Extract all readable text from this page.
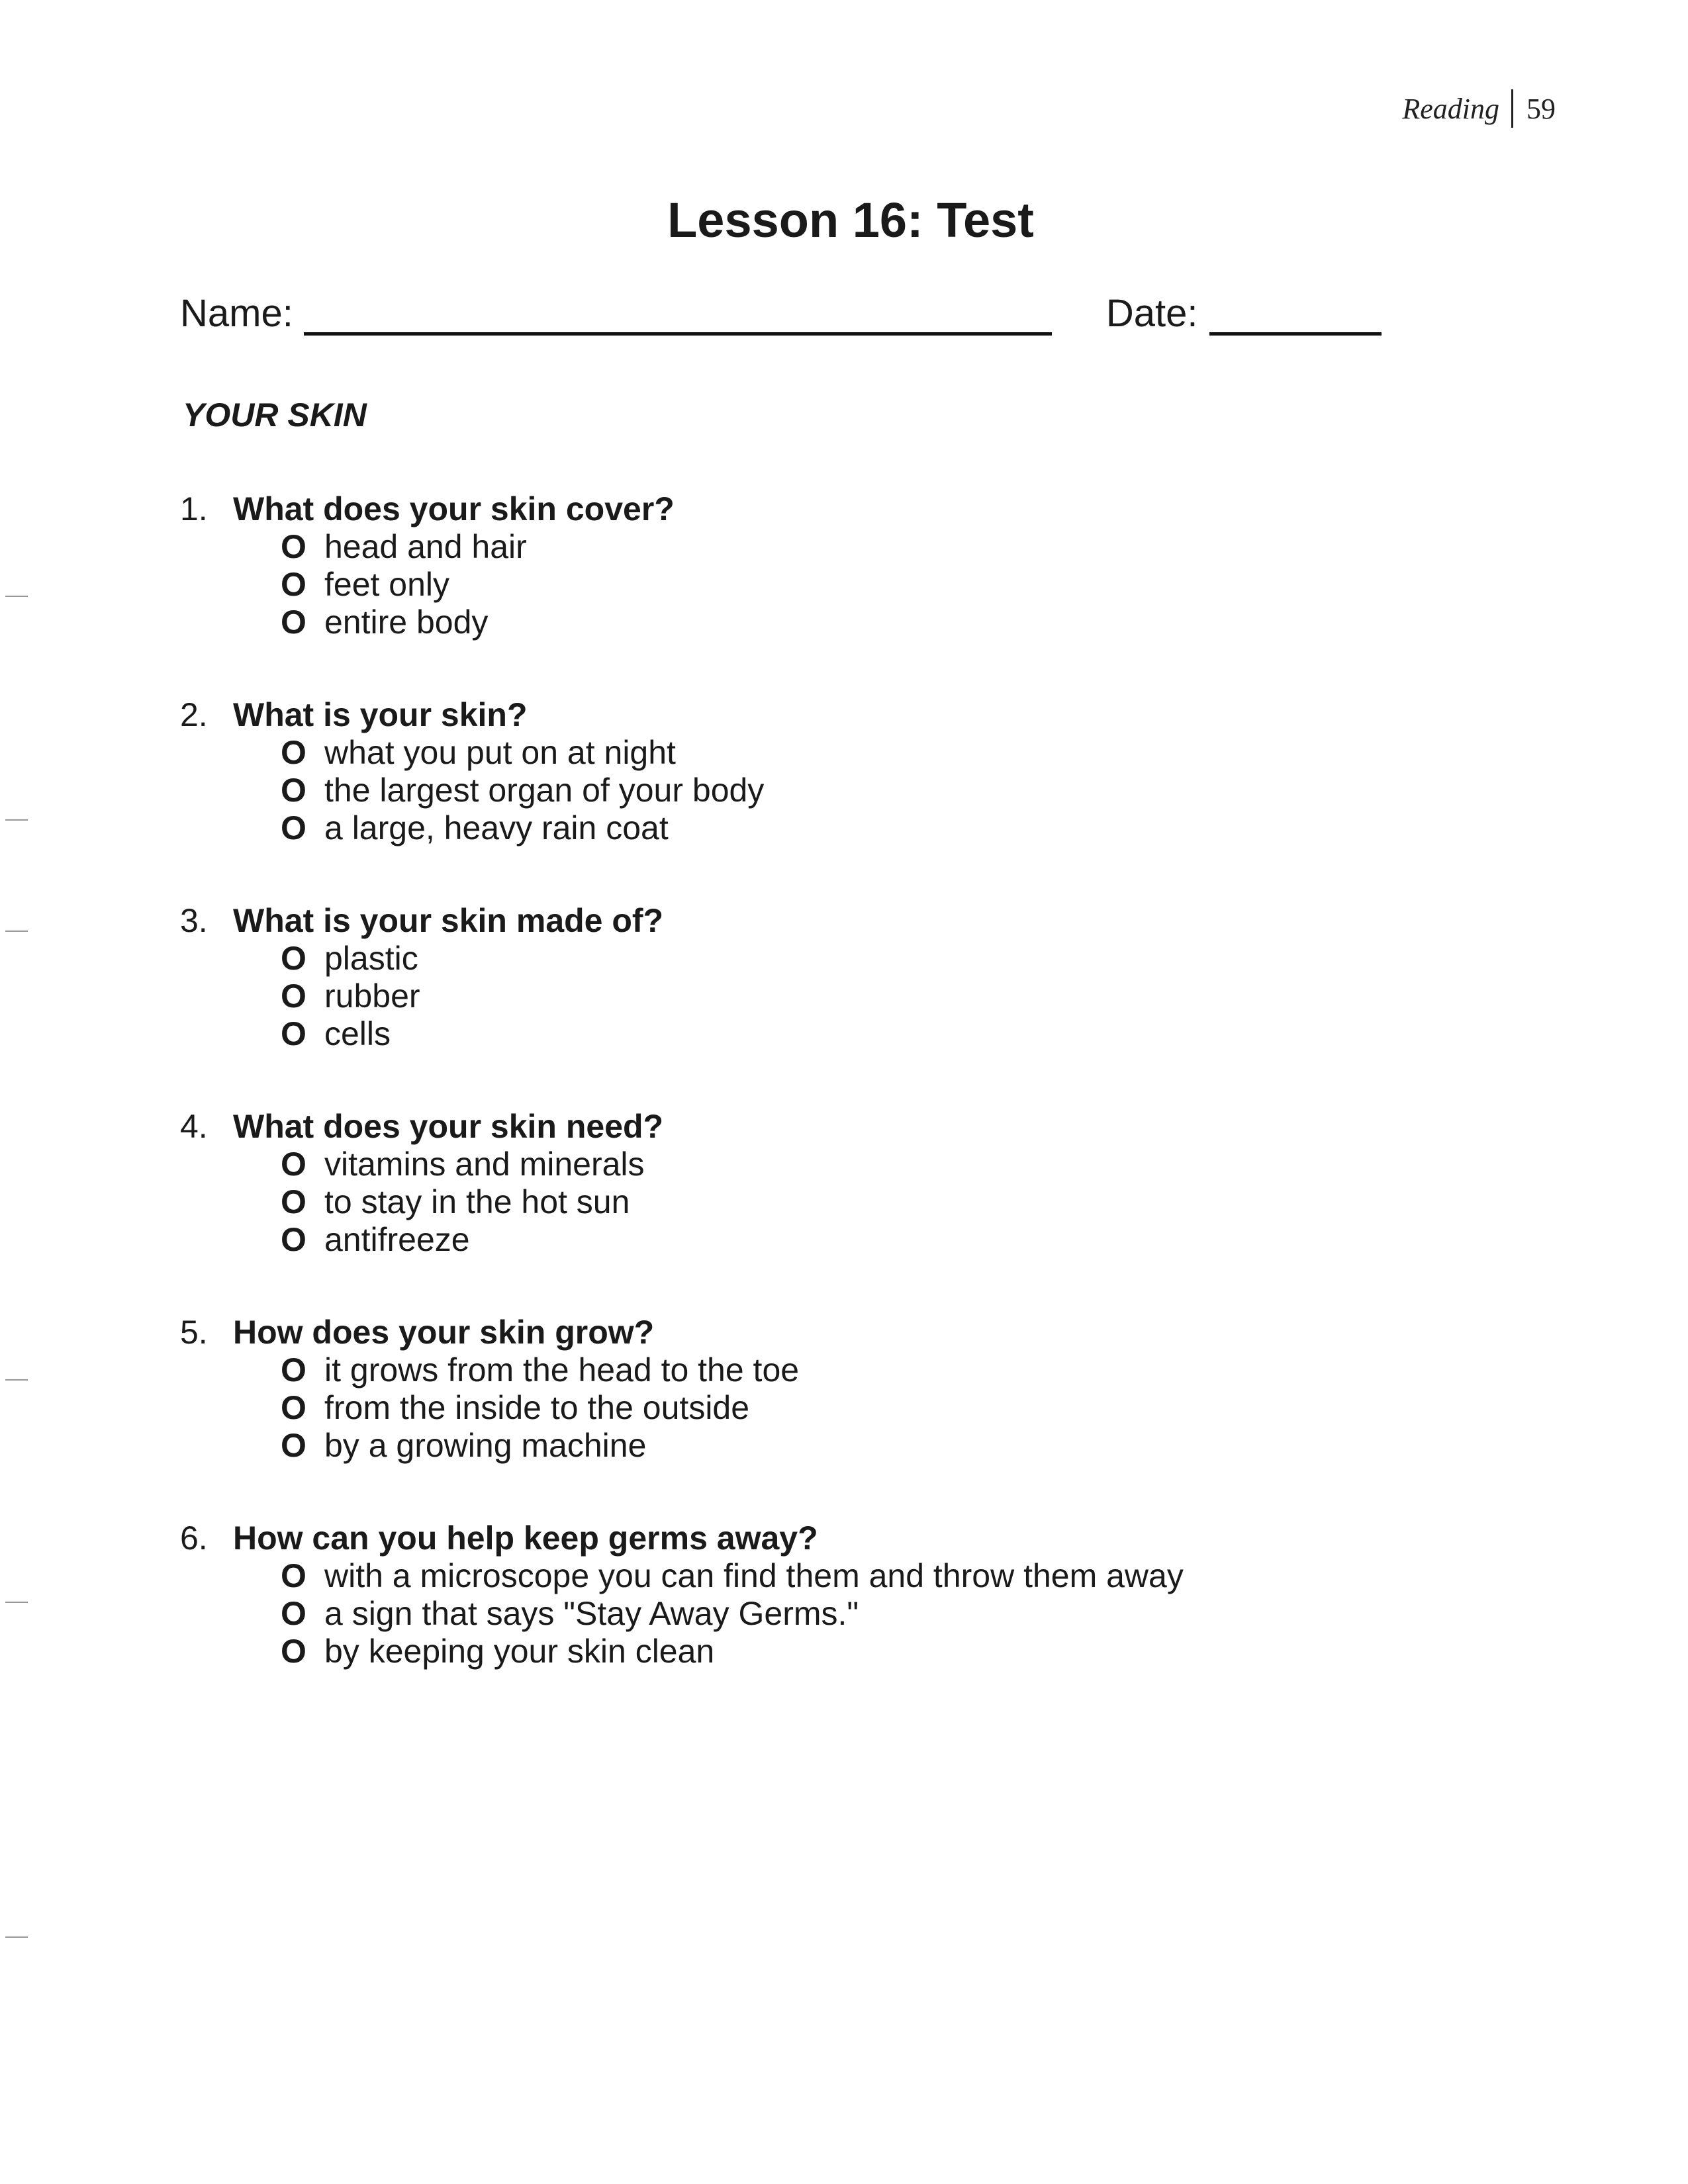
Reading 59
Lesson 16: Test
Name:	Date:
YOUR SKIN
1. What does your skin cover?
O head and hair
O feet only
O entire body
2. What is your skin?
O what you put on at night
O the largest organ of your body
O a large, heavy rain coat
3. What is your skin made of?
O plastic
O rubber
O cells
4. What does your skin need?
O vitamins and minerals
O to stay in the hot sun
O antifreeze
5. How does your skin grow?
O it grows from the head to the toe
O from the inside to the outside
O by a growing machine
6. How can you help keep germs away?
O with a microscope you can find them and throw them away
O a sign that says "Stay Away Germs."
O by keeping your skin clean
